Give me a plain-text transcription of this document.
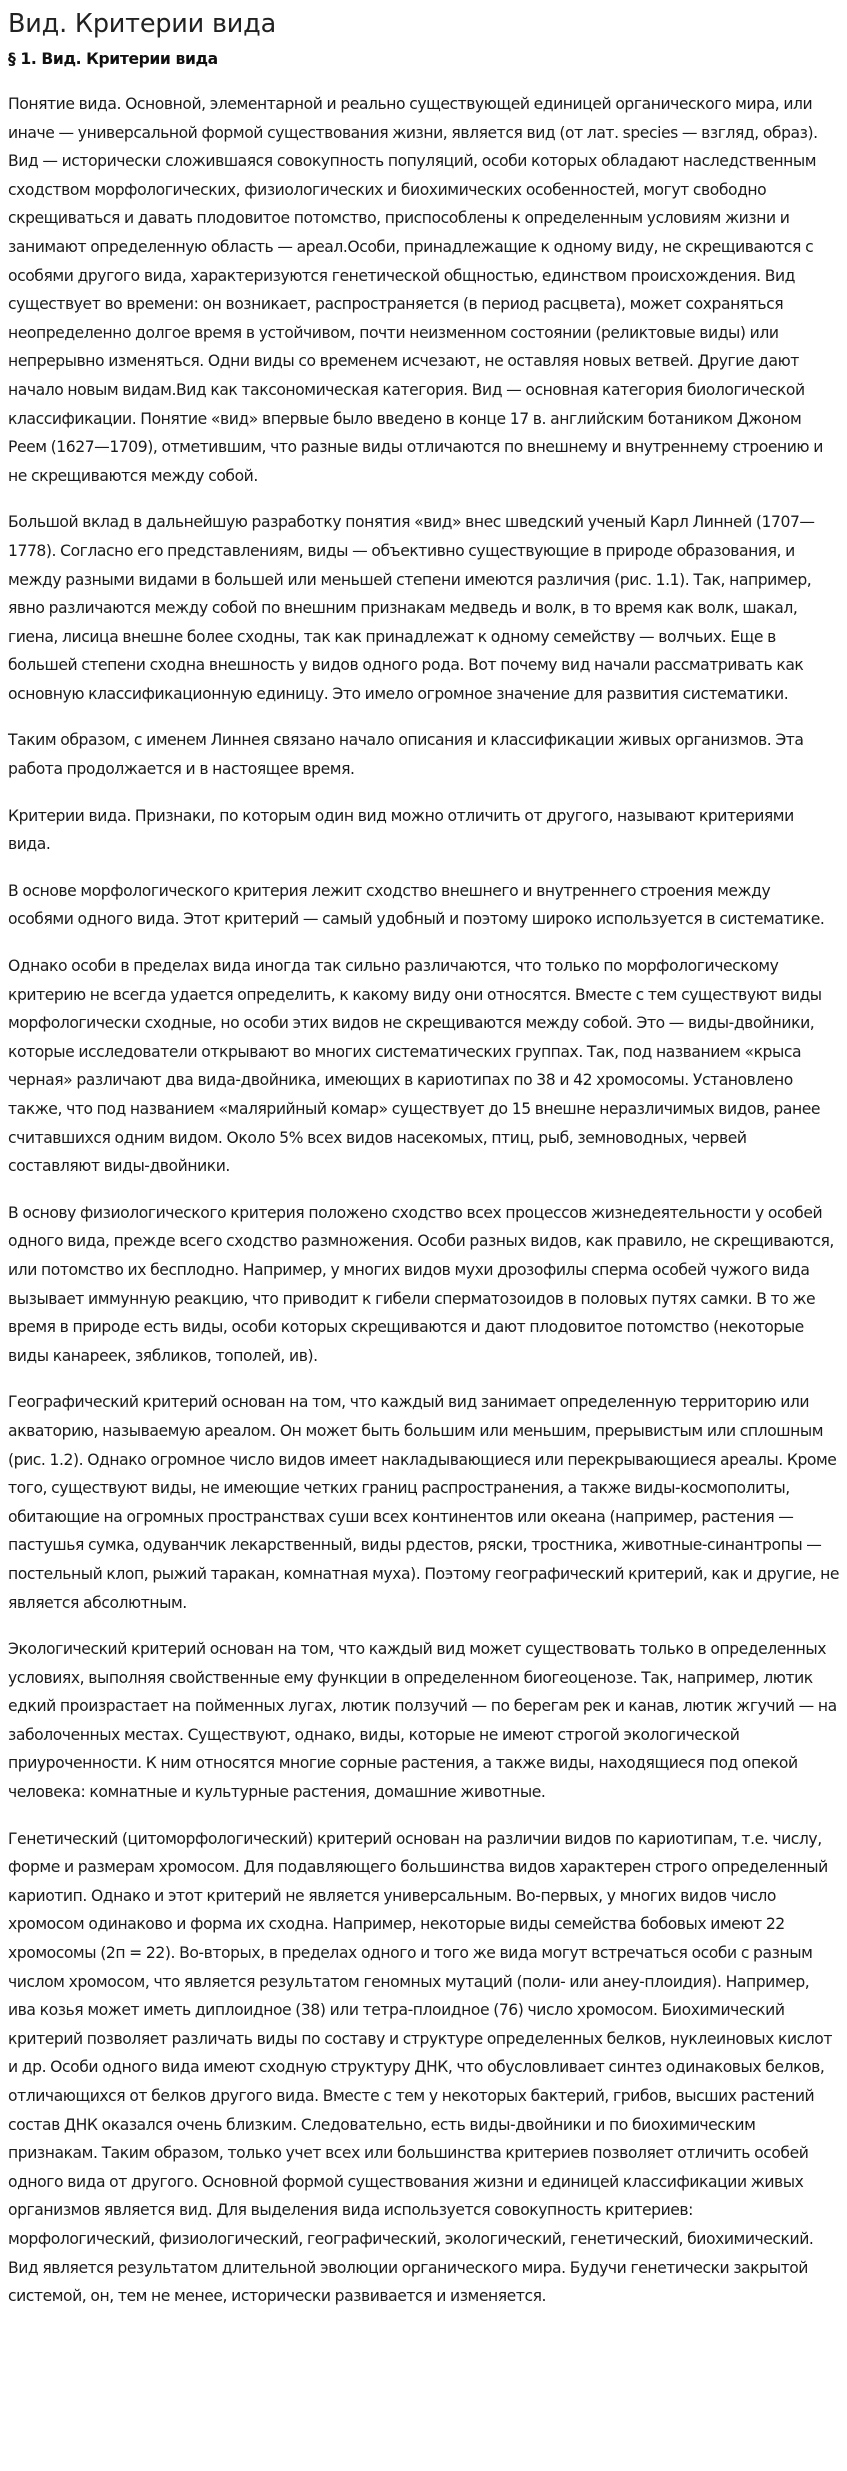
Вид. Критерии вида
§ 1. Вид. Критерии вида

Понятие вида. Основной, элементарной и реально существующей единицей органического мира, или иначе — универсальной формой существования жизни, является вид (от лат. species — взгляд, образ). Вид — исторически сложившаяся совокупность популяций, особи которых обладают наследственным сходством морфологических, физиологических и биохимических особенностей, могут свободно скрещиваться и давать плодовитое потомство, приспособлены к определенным условиям жизни и занимают определенную область — ареал.Особи, принадлежащие к одному виду, не скрещиваются с особями другого вида, характеризуются генетической общностью, единством происхождения. Вид существует во времени: он возникает, распространяется (в период расцвета), может сохраняться неопределенно долгое время в устойчивом, почти неизменном состоянии (реликтовые виды) или непрерывно изменяться. Одни виды со временем исчезают, не оставляя новых ветвей. Другие дают начало новым видам.Вид как таксономическая категория. Вид — основная категория биологической классификации. Понятие «вид» впервые было введено в конце 17 в. английским ботаником Джоном Реем (1627—1709), отметившим, что разные виды отличаются по внешнему и внутреннему строению и не скрещиваются между собой.

Большой вклад в дальнейшую разработку понятия «вид» внес шведский ученый Карл Линней (1707—1778). Согласно его представлениям, виды — объективно существующие в природе образования, и между разными видами в большей или меньшей степени имеются различия (рис. 1.1). Так, например, явно различаются между собой по внешним признакам медведь и волк, в то время как волк, шакал, гиена, лисица внешне более сходны, так как принадлежат к одному семейству — волчьих. Еще в большей степени сходна внешность у видов одного рода. Вот почему вид начали рассматривать как основную классификационную единицу. Это имело огромное значение для развития систематики.

Таким образом, с именем Линнея связано начало описания и классификации живых организмов. Эта работа продолжается и в настоящее время.

Критерии вида. Признаки, по которым один вид можно отличить от другого, называют критериями вида.

В основе морфологического критерия лежит сходство внешнего и внутреннего строения между особями одного вида. Этот критерий — самый удобный и поэтому широко используется в систематике.

Однако особи в пределах вида иногда так сильно различаются, что только по морфологическому критерию не всегда удается определить, к какому виду они относятся. Вместе с тем существуют виды морфологически сходные, но особи этих видов не скрещиваются между собой. Это — виды-двойники, которые исследователи открывают во многих систематических группах. Так, под названием «крыса черная» различают два вида-двойника, имеющих в кариотипах по 38 и 42 хромосомы. Установлено также, что под названием «малярийный комар» существует до 15 внешне неразличимых видов, ранее считавшихся одним видом. Около 5% всех видов насекомых, птиц, рыб, земноводных, червей составляют виды-двойники.

В основу физиологического критерия положено сходство всех процессов жизнедеятельности у особей одного вида, прежде всего сходство размножения. Особи разных видов, как правило, не скрещиваются, или потомство их бесплодно. Например, у многих видов мухи дрозофилы сперма особей чужого вида вызывает иммунную реакцию, что приводит к гибели сперматозоидов в половых путях самки. В то же время в природе есть виды, особи которых скрещиваются и дают плодовитое потомство (некоторые виды канареек, зябликов, тополей, ив).

Географический критерий основан на том, что каждый вид занимает определенную территорию или акваторию, называемую ареалом. Он может быть большим или меньшим, прерывистым или сплошным (рис. 1.2). Однако огромное число видов имеет накладывающиеся или перекрывающиеся ареалы. Кроме того, существуют виды, не имеющие четких границ распространения, а также виды-космополиты, обитающие на огромных пространствах суши всех континентов или океана (например, растения — пастушья сумка, одуванчик лекарственный, виды рдестов, ряски, тростника, животные-синантропы — постельный клоп, рыжий таракан, комнатная муха). Поэтому географический критерий, как и другие, не является абсолютным.

Экологический критерий основан на том, что каждый вид может существовать только в определенных условиях, выполняя свойственные ему функции в определенном биогеоценозе. Так, например, лютик едкий произрастает на пойменных лугах, лютик ползучий — по берегам рек и канав, лютик жгучий — на заболоченных местах. Существуют, однако, виды, которые не имеют строгой экологической приуроченности. К ним относятся многие сорные растения, а также виды, находящиеся под опекой человека: комнатные и культурные растения, домашние животные.

Генетический (цитоморфологический) критерий основан на различии видов по кариотипам, т.е. числу, форме и размерам хромосом. Для подавляющего большинства видов характерен строго определенный кариотип. Однако и этот критерий не является универсальным. Во-первых, у многих видов число хромосом одинаково и форма их сходна. Например, некоторые виды семейства бобовых имеют 22 хромосомы (2п = 22). Во-вторых, в пределах одного и того же вида могут встречаться особи с разным числом хромосом, что является результатом геномных мутаций (поли- или анеу-плоидия). Например, ива козья может иметь диплоидное (38) или тетра-плоидное (76) число хромосом. Биохимический критерий позволяет различать виды по составу и структуре определенных белков, нуклеиновых кислот и др. Особи одного вида имеют сходную структуру ДНК, что обусловливает синтез одинаковых белков, отличающихся от белков другого вида. Вместе с тем у некоторых бактерий, грибов, высших растений состав ДНК оказался очень близким. Следовательно, есть виды-двойники и по биохимическим признакам. Таким образом, только учет всех или большинства критериев позволяет отличить особей одного вида от другого. Основной формой существования жизни и единицей классификации живых организмов является вид. Для выделения вида используется совокупность критериев: морфологический, физиологический, географический, экологический, генетический, биохимический. Вид является результатом длительной эволюции органического мира. Будучи генетически закрытой системой, он, тем не менее, исторически развивается и изменяется.
